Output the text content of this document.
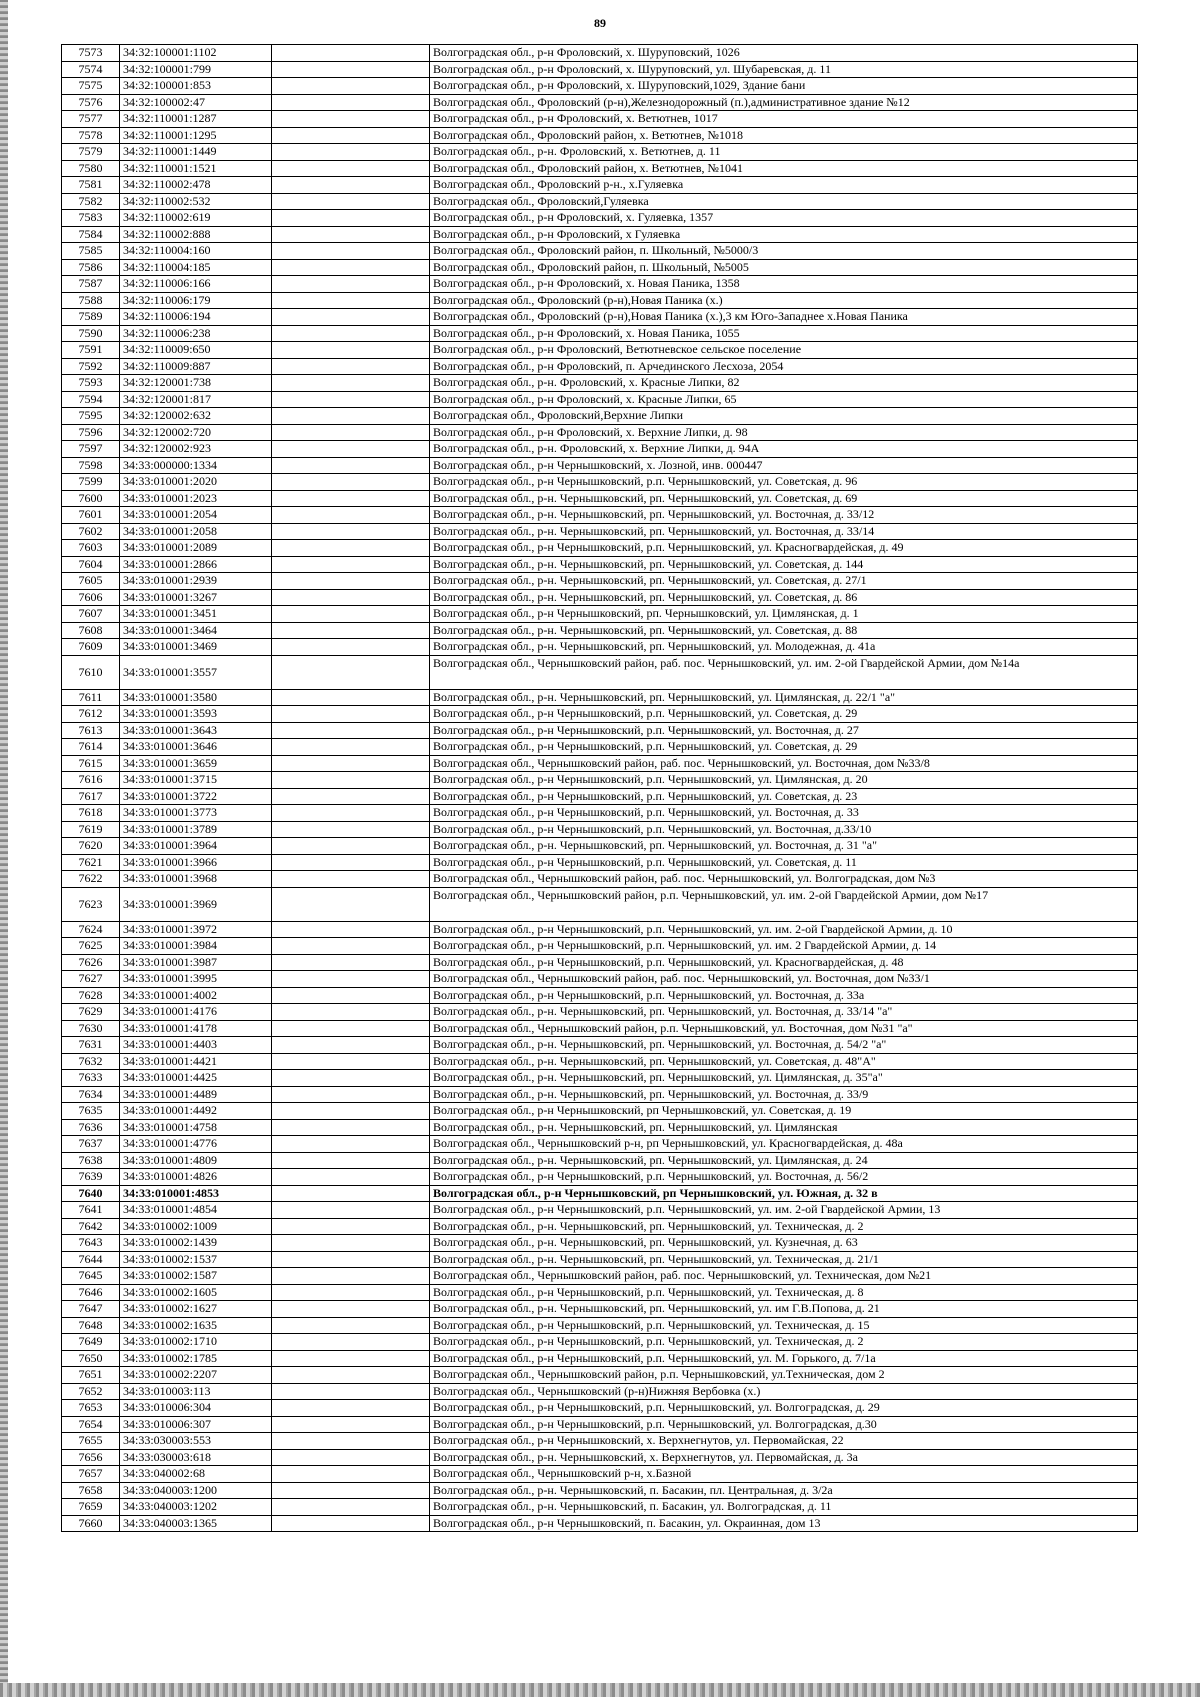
89
7573	34:32:100001:1102		Волгоградская обл., р-н Фроловский, х. Шуруповский, 1026
7574	34:32:100001:799		Волгоградская обл., р-н Фроловский, х. Шуруповский, ул. Шубаревская, д. 11
7575	34:32:100001:853		Волгоградская обл., р-н Фроловский, х. Шуруповский,1029, Здание бани
7576	34:32:100002:47		Волгоградская обл., Фроловский (р-н),Железнодорожный (п.),административное здание №12
7577	34:32:110001:1287		Волгоградская обл., р-н Фроловский, х. Ветютнев, 1017
7578	34:32:110001:1295		Волгоградская обл., Фроловский район, х. Ветютнев, №1018
7579	34:32:110001:1449		Волгоградская обл., р-н. Фроловский, х. Ветютнев, д. 11
7580	34:32:110001:1521		Волгоградская обл., Фроловский район, х. Ветютнев, №1041
7581	34:32:110002:478		Волгоградская обл., Фроловский р-н., х.Гуляевка
7582	34:32:110002:532		Волгоградская обл., Фроловский,Гуляевка
7583	34:32:110002:619		Волгоградская обл., р-н Фроловский, х. Гуляевка, 1357
7584	34:32:110002:888		Волгоградская обл., р-н Фроловский, х Гуляевка
7585	34:32:110004:160		Волгоградская обл., Фроловский район, п. Школьный, №5000/3
7586	34:32:110004:185		Волгоградская обл., Фроловский район, п. Школьный, №5005
7587	34:32:110006:166		Волгоградская обл., р-н Фроловский, х. Новая Паника, 1358
7588	34:32:110006:179		Волгоградская обл., Фроловский (р-н),Новая Паника (х.)
7589	34:32:110006:194		Волгоградская обл., Фроловский (р-н),Новая Паника (х.),3 км Юго-Западнее х.Новая Паника
7590	34:32:110006:238		Волгоградская обл., р-н Фроловский, х. Новая Паника, 1055
7591	34:32:110009:650		Волгоградская обл., р-н Фроловский, Ветютневское сельское поселение
7592	34:32:110009:887		Волгоградская обл., р-н Фроловский, п. Арчединского Лесхоза, 2054
7593	34:32:120001:738		Волгоградская обл., р-н. Фроловский, х. Красные Липки, 82
7594	34:32:120001:817		Волгоградская обл., р-н Фроловский, х. Красные Липки, 65
7595	34:32:120002:632		Волгоградская обл., Фроловский,Верхние Липки
7596	34:32:120002:720		Волгоградская обл., р-н Фроловский, х. Верхние Липки, д. 98
7597	34:32:120002:923		Волгоградская обл., р-н. Фроловский, х. Верхние Липки, д. 94А
7598	34:33:000000:1334		Волгоградская обл., р-н Чернышковский, х. Лозной, инв. 000447
7599	34:33:010001:2020		Волгоградская обл., р-н Чернышковский, р.п. Чернышковский, ул. Советская, д. 96
7600	34:33:010001:2023		Волгоградская обл., р-н. Чернышковский, рп. Чернышковский, ул. Советская, д. 69
7601	34:33:010001:2054		Волгоградская обл., р-н. Чернышковский, рп. Чернышковский, ул. Восточная, д. 33/12
7602	34:33:010001:2058		Волгоградская обл., р-н. Чернышковский, рп. Чернышковский, ул. Восточная, д. 33/14
7603	34:33:010001:2089		Волгоградская обл., р-н Чернышковский, р.п. Чернышковский, ул. Красногвардейская, д. 49
7604	34:33:010001:2866		Волгоградская обл., р-н. Чернышковский, рп. Чернышковский, ул. Советская, д. 144
7605	34:33:010001:2939		Волгоградская обл., р-н. Чернышковский, рп. Чернышковский, ул. Советская, д. 27/1
7606	34:33:010001:3267		Волгоградская обл., р-н. Чернышковский, рп. Чернышковский, ул. Советская, д. 86
7607	34:33:010001:3451		Волгоградская обл., р-н Чернышковский, рп. Чернышковский, ул. Цимлянская, д. 1
7608	34:33:010001:3464		Волгоградская обл., р-н. Чернышковский, рп. Чернышковский, ул. Советская, д. 88
7609	34:33:010001:3469		Волгоградская обл., р-н. Чернышковский, рп. Чернышковский, ул. Молодежная, д. 41а
7610	34:33:010001:3557		Волгоградская обл., Чернышковский район, раб. пос. Чернышковский, ул. им. 2-ой Гвардейской Армии, дом №14а
7611	34:33:010001:3580		Волгоградская обл., р-н. Чернышковский, рп. Чернышковский, ул. Цимлянская, д. 22/1 "а"
7612	34:33:010001:3593		Волгоградская обл., р-н Чернышковский, р.п. Чернышковский, ул. Советская, д. 29
7613	34:33:010001:3643		Волгоградская обл., р-н Чернышковский, р.п. Чернышковский, ул. Восточная, д. 27
7614	34:33:010001:3646		Волгоградская обл., р-н Чернышковский, р.п. Чернышковский, ул. Советская, д. 29
7615	34:33:010001:3659		Волгоградская обл., Чернышковский район, раб. пос. Чернышковский, ул. Восточная, дом №33/8
7616	34:33:010001:3715		Волгоградская обл., р-н Чернышковский, р.п. Чернышковский, ул. Цимлянская, д. 20
7617	34:33:010001:3722		Волгоградская обл., р-н Чернышковский, р.п. Чернышковский, ул. Советская, д. 23
7618	34:33:010001:3773		Волгоградская обл., р-н Чернышковский, р.п. Чернышковский, ул. Восточная, д. 33
7619	34:33:010001:3789		Волгоградская обл., р-н Чернышковский, р.п. Чернышковский, ул. Восточная, д.33/10
7620	34:33:010001:3964		Волгоградская обл., р-н. Чернышковский, рп. Чернышковский, ул. Восточная, д. 31 "а"
7621	34:33:010001:3966		Волгоградская обл., р-н Чернышковский, р.п. Чернышковский, ул. Советская, д. 11
7622	34:33:010001:3968		Волгоградская обл., Чернышковский район, раб. пос. Чернышковский, ул. Волгоградская, дом №3
7623	34:33:010001:3969		Волгоградская обл., Чернышковский район, р.п. Чернышковский, ул. им. 2-ой Гвардейской Армии, дом №17
7624	34:33:010001:3972		Волгоградская обл., р-н Чернышковский, р.п. Чернышковский, ул. им. 2-ой Гвардейской Армии, д. 10
7625	34:33:010001:3984		Волгоградская обл., р-н Чернышковский, р.п. Чернышковский, ул. им. 2 Гвардейской Армии, д. 14
7626	34:33:010001:3987		Волгоградская обл., р-н Чернышковский, р.п. Чернышковский, ул. Красногвардейская, д. 48
7627	34:33:010001:3995		Волгоградская обл., Чернышковский район, раб. пос. Чернышковский, ул. Восточная, дом №33/1
7628	34:33:010001:4002		Волгоградская обл., р-н Чернышковский, р.п. Чернышковский, ул. Восточная, д. 33а
7629	34:33:010001:4176		Волгоградская обл., р-н. Чернышковский, рп. Чернышковский, ул. Восточная, д. 33/14 "а"
7630	34:33:010001:4178		Волгоградская обл., Чернышковский район, р.п. Чернышковский, ул. Восточная, дом №31 "а"
7631	34:33:010001:4403		Волгоградская обл., р-н. Чернышковский, рп. Чернышковский, ул. Восточная, д. 54/2 "а"
7632	34:33:010001:4421		Волгоградская обл., р-н. Чернышковский, рп. Чернышковский, ул. Советская, д. 48"А"
7633	34:33:010001:4425		Волгоградская обл., р-н. Чернышковский, рп. Чернышковский, ул. Цимлянская, д. 35"а"
7634	34:33:010001:4489		Волгоградская обл., р-н. Чернышковский, рп. Чернышковский, ул. Восточная, д. 33/9
7635	34:33:010001:4492		Волгоградская обл., р-н Чернышковский, рп Чернышковский, ул. Советская, д. 19
7636	34:33:010001:4758		Волгоградская обл., р-н. Чернышковский, рп. Чернышковский, ул. Цимлянская
7637	34:33:010001:4776		Волгоградская обл., Чернышковский р-н, рп Чернышковский, ул. Красногвардейская, д. 48а
7638	34:33:010001:4809		Волгоградская обл., р-н. Чернышковский, рп. Чернышковский, ул. Цимлянская, д. 24
7639	34:33:010001:4826		Волгоградская обл., р-н Чернышковский, р.п. Чернышковский, ул. Восточная, д. 56/2
7640	34:33:010001:4853		Волгоградская обл., р-н Чернышковский, рп Чернышковский, ул. Южная, д. 32 в
7641	34:33:010001:4854		Волгоградская обл., р-н Чернышковский, р.п. Чернышковский, ул. им. 2-ой Гвардейской Армии, 13
7642	34:33:010002:1009		Волгоградская обл., р-н. Чернышковский, рп. Чернышковский, ул. Техническая, д. 2
7643	34:33:010002:1439		Волгоградская обл., р-н. Чернышковский, рп. Чернышковский, ул. Кузнечная, д. 63
7644	34:33:010002:1537		Волгоградская обл., р-н. Чернышковский, рп. Чернышковский, ул. Техническая, д. 21/1
7645	34:33:010002:1587		Волгоградская обл., Чернышковский район, раб. пос. Чернышковский, ул. Техническая, дом №21
7646	34:33:010002:1605		Волгоградская обл., р-н Чернышковский, р.п. Чернышковский, ул. Техническая, д. 8
7647	34:33:010002:1627		Волгоградская обл., р-н. Чернышковский, рп. Чернышковский, ул. им Г.В.Попова, д. 21
7648	34:33:010002:1635		Волгоградская обл., р-н Чернышковский, р.п. Чернышковский, ул. Техническая, д. 15
7649	34:33:010002:1710		Волгоградская обл., р-н Чернышковский, р.п. Чернышковский, ул. Техническая, д. 2
7650	34:33:010002:1785		Волгоградская обл., р-н Чернышковский, р.п. Чернышковский, ул. М. Горького, д. 7/1а
7651	34:33:010002:2207		Волгоградская обл., Чернышковский район, р.п. Чернышковский, ул.Техническая, дом 2
7652	34:33:010003:113		Волгоградская обл., Чернышковский (р-н)Нижняя Вербовка (х.)
7653	34:33:010006:304		Волгоградская обл., р-н Чернышковский, р.п. Чернышковский, ул. Волгоградская, д. 29
7654	34:33:010006:307		Волгоградская обл., р-н Чернышковский, р.п. Чернышковский, ул. Волгоградская, д.30
7655	34:33:030003:553		Волгоградская обл., р-н Чернышковский, х. Верхнегнутов, ул. Первомайская, 22
7656	34:33:030003:618		Волгоградская обл., р-н. Чернышковский, х. Верхнегнутов, ул. Первомайская, д. 3а
7657	34:33:040002:68		Волгоградская обл., Чернышковский р-н, х.Базной
7658	34:33:040003:1200		Волгоградская обл., р-н. Чернышковский, п. Басакин, пл. Центральная, д. 3/2а
7659	34:33:040003:1202		Волгоградская обл., р-н. Чернышковский, п. Басакин, ул. Волгоградская, д. 11
7660	34:33:040003:1365		Волгоградская обл., р-н Чернышковский, п. Басакин, ул. Окраинная, дом 13
